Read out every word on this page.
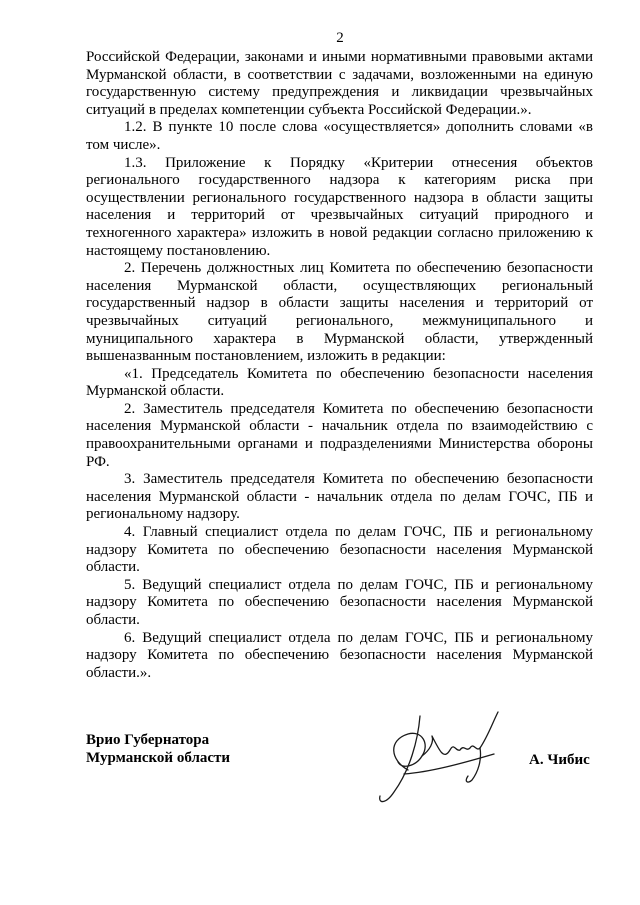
2

Российской Федерации, законами и иными нормативными правовыми актами Мурманской области, в соответствии с задачами, возложенными на единую государственную систему предупреждения и ликвидации чрезвычайных ситуаций в пределах компетенции субъекта Российской Федерации.».

1.2. В пункте 10 после слова «осуществляется» дополнить словами «в том числе».

1.3. Приложение к Порядку «Критерии отнесения объектов регионального государственного надзора к категориям риска при осуществлении регионального государственного надзора в области защиты населения и территорий от чрезвычайных ситуаций природного и техногенного характера» изложить в новой редакции согласно приложению к настоящему постановлению.

2. Перечень должностных лиц Комитета по обеспечению безопасности населения Мурманской области, осуществляющих региональный государственный надзор в области защиты населения и территорий от чрезвычайных ситуаций регионального, межмуниципального и муниципального характера в Мурманской области, утвержденный вышеназванным постановлением, изложить в редакции:

«1. Председатель Комитета по обеспечению безопасности населения Мурманской области.

2. Заместитель председателя Комитета по обеспечению безопасности населения Мурманской области - начальник отдела по взаимодействию с правоохранительными органами и подразделениями Министерства обороны РФ.

3. Заместитель председателя Комитета по обеспечению безопасности населения Мурманской области - начальник отдела по делам ГОЧС, ПБ и региональному надзору.

4. Главный специалист отдела по делам ГОЧС, ПБ и региональному надзору Комитета по обеспечению безопасности населения Мурманской области.

5. Ведущий специалист отдела по делам ГОЧС, ПБ и региональному надзору Комитета по обеспечению безопасности населения Мурманской области.

6. Ведущий специалист отдела по делам ГОЧС, ПБ и региональному надзору Комитета по обеспечению безопасности населения Мурманской области.».

Врио Губернатора
Мурманской области	А. Чибис
